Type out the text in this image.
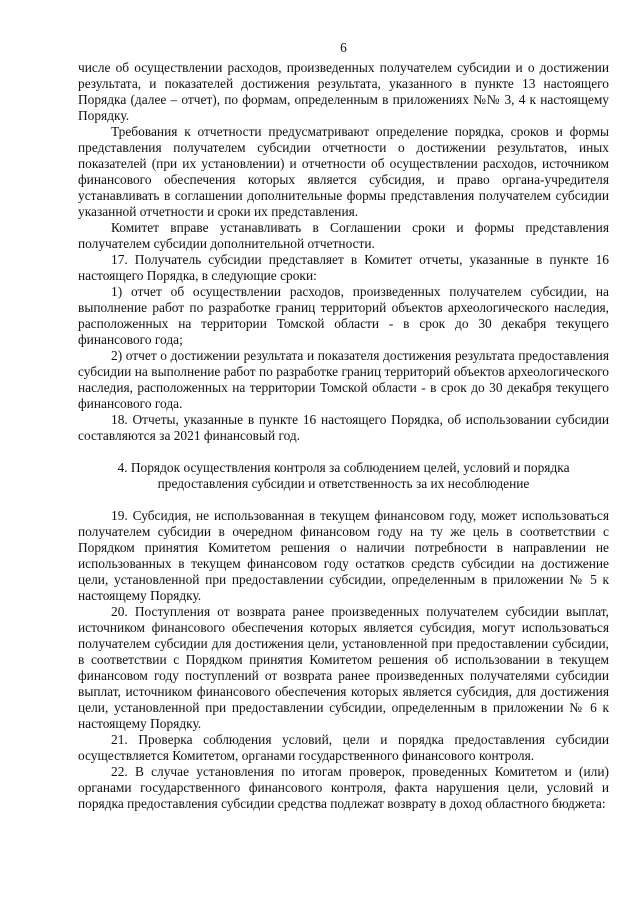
6

числе об осуществлении расходов, произведенных получателем субсидии и о достижении результата, и показателей достижения результата, указанного в пункте 13 настоящего Порядка (далее – отчет), по формам, определенным в приложениях №№ 3, 4 к настоящему Порядку.

Требования к отчетности предусматривают определение порядка, сроков и формы представления получателем субсидии отчетности о достижении результатов, иных показателей (при их установлении) и отчетности об осуществлении расходов, источником финансового обеспечения которых является субсидия, и право органа-учредителя устанавливать в соглашении дополнительные формы представления получателем субсидии указанной отчетности и сроки их представления.

Комитет вправе устанавливать в Соглашении сроки и формы представления получателем субсидии дополнительной отчетности.

17. Получатель субсидии представляет в Комитет отчеты, указанные в пункте 16 настоящего Порядка, в следующие сроки:

1) отчет об осуществлении расходов, произведенных получателем субсидии, на выполнение работ по разработке границ территорий объектов археологического наследия, расположенных на территории Томской области - в срок до 30 декабря текущего финансового года;

2) отчет о достижении результата и показателя достижения результата предоставления субсидии на выполнение работ по разработке границ территорий объектов археологического наследия, расположенных на территории Томской области - в срок до 30 декабря текущего финансового года.

18. Отчеты, указанные в пункте 16 настоящего Порядка, об использовании субсидии составляются за 2021 финансовый год.

4. Порядок осуществления контроля за соблюдением целей, условий и порядка
предоставления субсидии и ответственность за их несоблюдение

19. Субсидия, не использованная в текущем финансовом году, может использоваться получателем субсидии в очередном финансовом году на ту же цель в соответствии с Порядком принятия Комитетом решения о наличии потребности в направлении не использованных в текущем финансовом году остатков средств субсидии на достижение цели, установленной при предоставлении субсидии, определенным в приложении № 5 к настоящему Порядку.

20. Поступления от возврата ранее произведенных получателем субсидии выплат, источником финансового обеспечения которых является субсидия, могут использоваться получателем субсидии для достижения цели, установленной при предоставлении субсидии, в соответствии с Порядком принятия Комитетом решения об использовании в текущем финансовом году поступлений от возврата ранее произведенных получателями субсидии выплат, источником финансового обеспечения которых является субсидия, для достижения цели, установленной при предоставлении субсидии, определенным в приложении № 6 к настоящему Порядку.

21. Проверка соблюдения условий, цели и порядка предоставления субсидии осуществляется Комитетом, органами государственного финансового контроля.

22. В случае установления по итогам проверок, проведенных Комитетом и (или) органами государственного финансового контроля, факта нарушения цели, условий и порядка предоставления субсидии средства подлежат возврату в доход областного бюджета:
